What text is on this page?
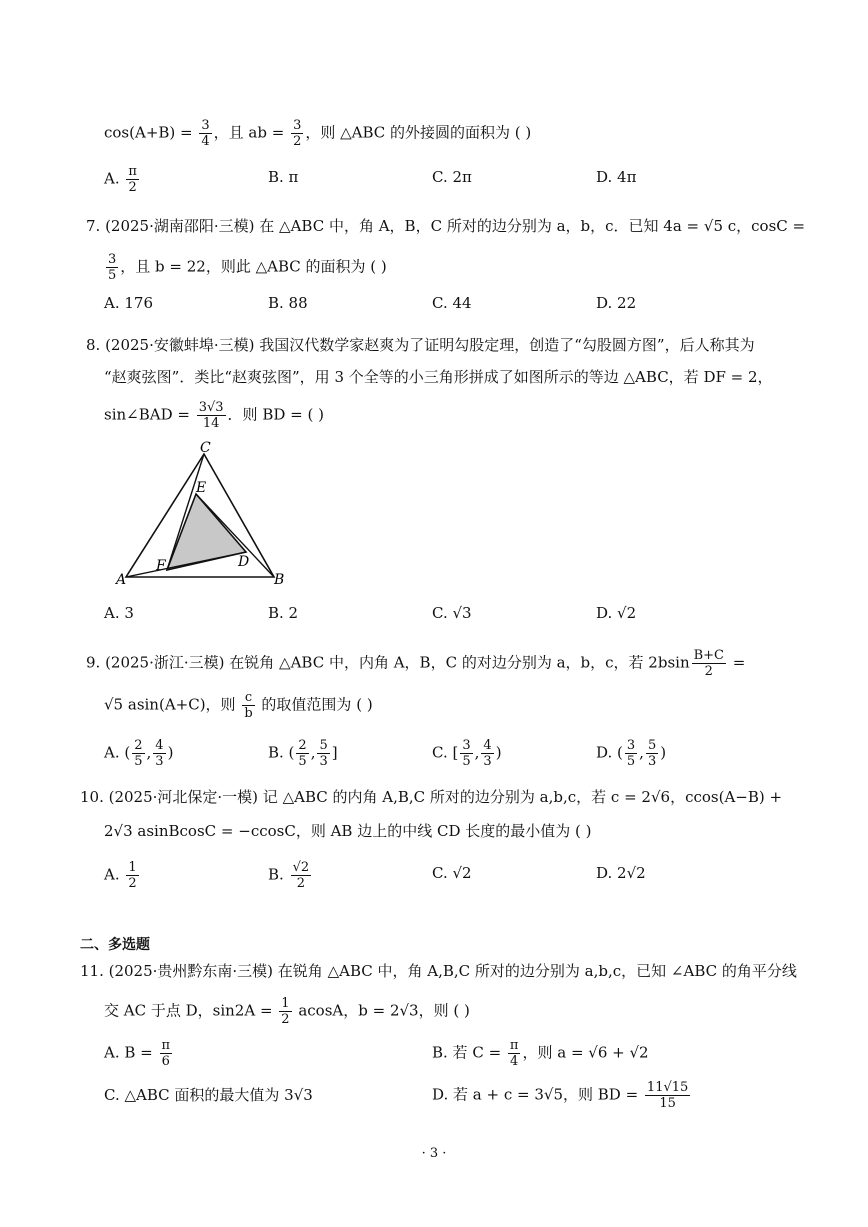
$\cos(A+B) = \frac{3}{4}$ ，且 ab = $\frac{3}{2}$ ，则 △ABC 的外接圆的面积为 ( )
A. $\frac{\pi}{2}$	B. π	C. 2π	D. 4π
7. (2025·湖南邵阳·三模) 在 △ABC 中，角 A，B，C 所对的边分别为 a，b，c．已知 4a = √5 c，cosC =
$\frac{3}{5}$ ，且 b = 22，则此 △ABC 的面积为 ( )
A. 176	B. 88	C. 44	D. 22
8. (2025·安徽蚌埠·三模) 我国汉代数学家赵爽为了证明勾股定理，创造了“勾股圆方图”，后人称其为
“赵爽弦图”．类比“赵爽弦图”，用 3 个全等的小三角形拼成了如图所示的等边 △ABC，若 DF = 2，
sin∠BAD = $\frac{3√3}{14}$ ．则 BD = ( )
C
E
A
F	D
B
A. 3	B. 2	C. √3	D. √2
9. (2025·浙江·三模) 在锐角 △ABC 中，内角 A，B，C 的对边分别为 a，b，c，若 $2bsin \frac{B+C}{2}$ =
√5 asin(A+C)，则 $\frac{c}{b}$ 的取值范围为 ( )
A. ( $\frac{2}{5}$ , $\frac{4}{3}$ )	B. ( $\frac{2}{5}$ , $\frac{5}{3}$ ]	C. [ $\frac{3}{5}$ , $\frac{4}{3}$ )	D. ( $\frac{3}{5}$ , $\frac{5}{3}$ )
10. (2025·河北保定·一模) 记 △ABC 的内角 A,B,C 所对的边分别为 a,b,c，若 c = 2√6，ccos(A−B) +
2√3 asinBcosC = −ccosC，则 AB 边上的中线 CD 长度的最小值为 ( )
A. $\frac{1}{2}$	B. $\frac{√2}{2}$	C. √2	D. 2√2
二、多选题
11. (2025·贵州黔东南·三模) 在锐角 △ABC 中，角 A,B,C 所对的边分别为 a,b,c，已知 ∠ABC 的角平分线
交 AC 于点 D，$\sin 2A = \frac{1}{2}$ acosA，b = 2√3，则 ( )
A. $B = \frac{\pi}{6}$	B. 若 $C = \frac{\pi}{4}$ ，则 a = √6 + √2
C. △ABC 面积的最大值为 3√3	D. 若 a + c = 3√5，则 BD = $\frac{11√15}{15}$
· 3 ·
